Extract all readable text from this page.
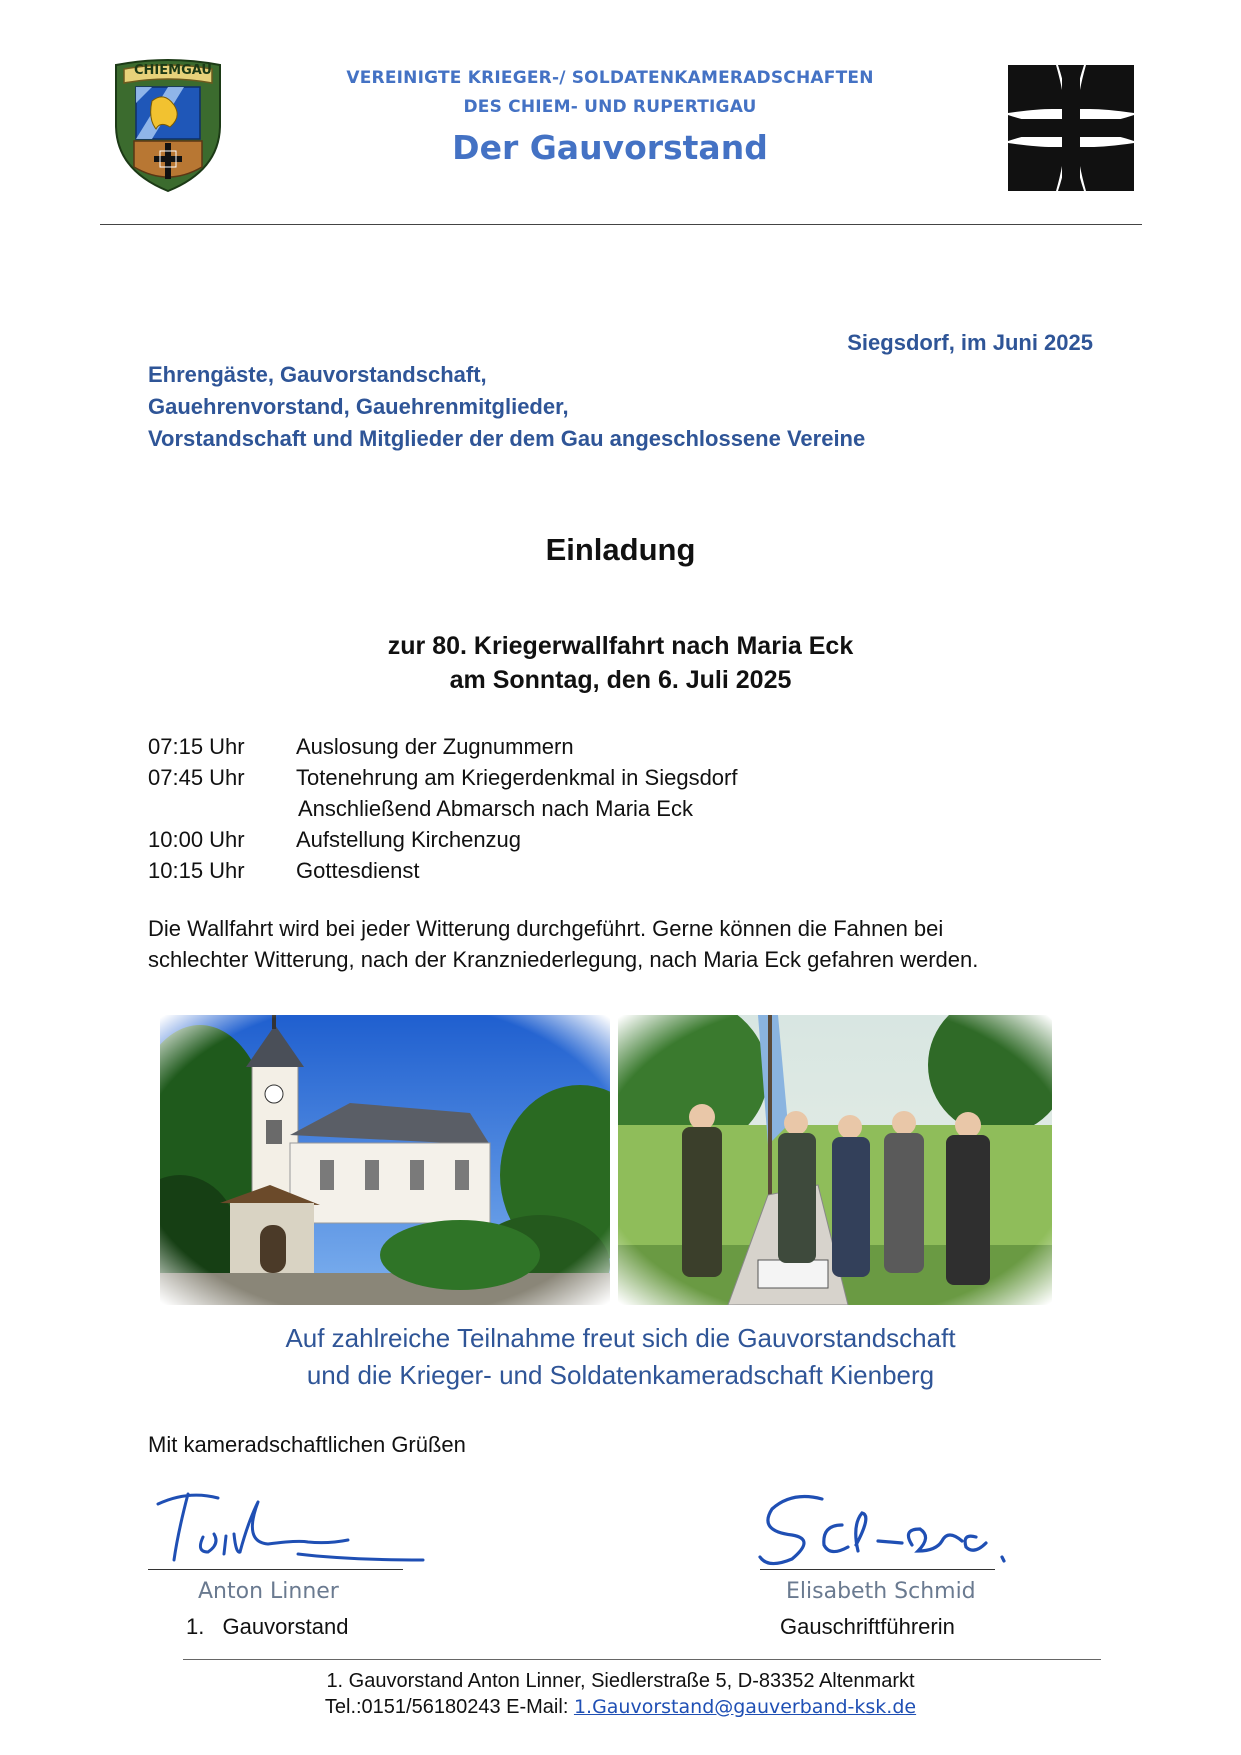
CHIEMGAU	VEREINIGTE KRIEGER-/ SOLDATENKAMERADSCHAFTEN
DES CHIEM- UND RUPERTIGAU
Der Gauvorstand
Siegsdorf, im Juni 2025
Ehrengäste, Gauvorstandschaft,
Gauehrenvorstand, Gauehrenmitglieder,
Vorstandschaft und Mitglieder der dem Gau angeschlossene Vereine
Einladung
zur 80. Kriegerwallfahrt nach Maria Eck
am Sonntag, den 6. Juli 2025
07:15 Uhr Auslosung der Zugnummern
07:45 Uhr Totenehrung am Kriegerdenkmal in Siegsdorf
Anschließend Abmarsch nach Maria Eck
10:00 Uhr Aufstellung Kirchenzug
10:15 Uhr Gottesdienst
Die Wallfahrt wird bei jeder Witterung durchgeführt. Gerne können die Fahnen bei
schlechter Witterung, nach der Kranzniederlegung, nach Maria Eck gefahren werden.
Auf zahlreiche Teilnahme freut sich die Gauvorstandschaft
und die Krieger- und Soldatenkameradschaft Kienberg
Mit kameradschaftlichen Grüßen
Anton Linner
1. Gauvorstand
Elisabeth Schmid
Gauschriftführerin
1. Gauvorstand Anton Linner, Siedlerstraße 5, D-83352 Altenmarkt
Tel.:0151/56180243 E-Mail: 1.Gauvorstand@gauverband-ksk.de
